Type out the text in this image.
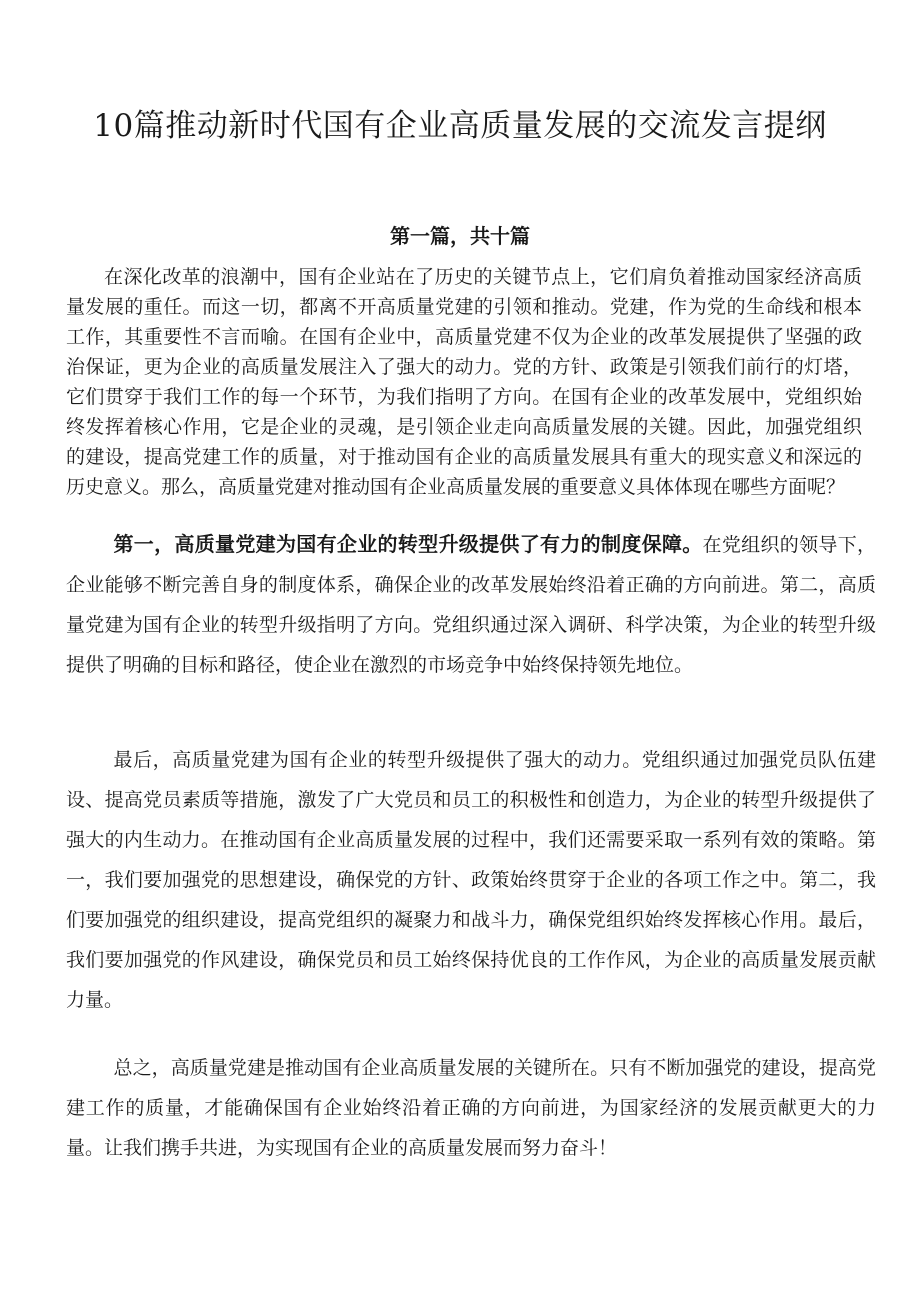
10篇推动新时代国有企业高质量发展的交流发言提纲
第一篇，共十篇

在深化改革的浪潮中，国有企业站在了历史的关键节点上，它们肩负着推动国家经济高质量发展的重任。而这一切，都离不开高质量党建的引领和推动。党建，作为党的生命线和根本工作，其重要性不言而喻。在国有企业中，高质量党建不仅为企业的改革发展提供了坚强的政治保证，更为企业的高质量发展注入了强大的动力。党的方针、政策是引领我们前行的灯塔，它们贯穿于我们工作的每一个环节，为我们指明了方向。在国有企业的改革发展中，党组织始终发挥着核心作用，它是企业的灵魂，是引领企业走向高质量发展的关键。因此，加强党组织的建设，提高党建工作的质量，对于推动国有企业的高质量发展具有重大的现实意义和深远的历史意义。那么，高质量党建对推动国有企业高质量发展的重要意义具体体现在哪些方面呢？

第一，高质量党建为国有企业的转型升级提供了有力的制度保障。在党组织的领导下，企业能够不断完善自身的制度体系，确保企业的改革发展始终沿着正确的方向前进。第二，高质量党建为国有企业的转型升级指明了方向。党组织通过深入调研、科学决策，为企业的转型升级提供了明确的目标和路径，使企业在激烈的市场竞争中始终保持领先地位。

最后，高质量党建为国有企业的转型升级提供了强大的动力。党组织通过加强党员队伍建设、提高党员素质等措施，激发了广大党员和员工的积极性和创造力，为企业的转型升级提供了强大的内生动力。在推动国有企业高质量发展的过程中，我们还需要采取一系列有效的策略。第一，我们要加强党的思想建设，确保党的方针、政策始终贯穿于企业的各项工作之中。第二，我们要加强党的组织建设，提高党组织的凝聚力和战斗力，确保党组织始终发挥核心作用。最后，我们要加强党的作风建设，确保党员和员工始终保持优良的工作作风，为企业的高质量发展贡献力量。

总之，高质量党建是推动国有企业高质量发展的关键所在。只有不断加强党的建设，提高党建工作的质量，才能确保国有企业始终沿着正确的方向前进，为国家经济的发展贡献更大的力量。让我们携手共进，为实现国有企业的高质量发展而努力奋斗！
